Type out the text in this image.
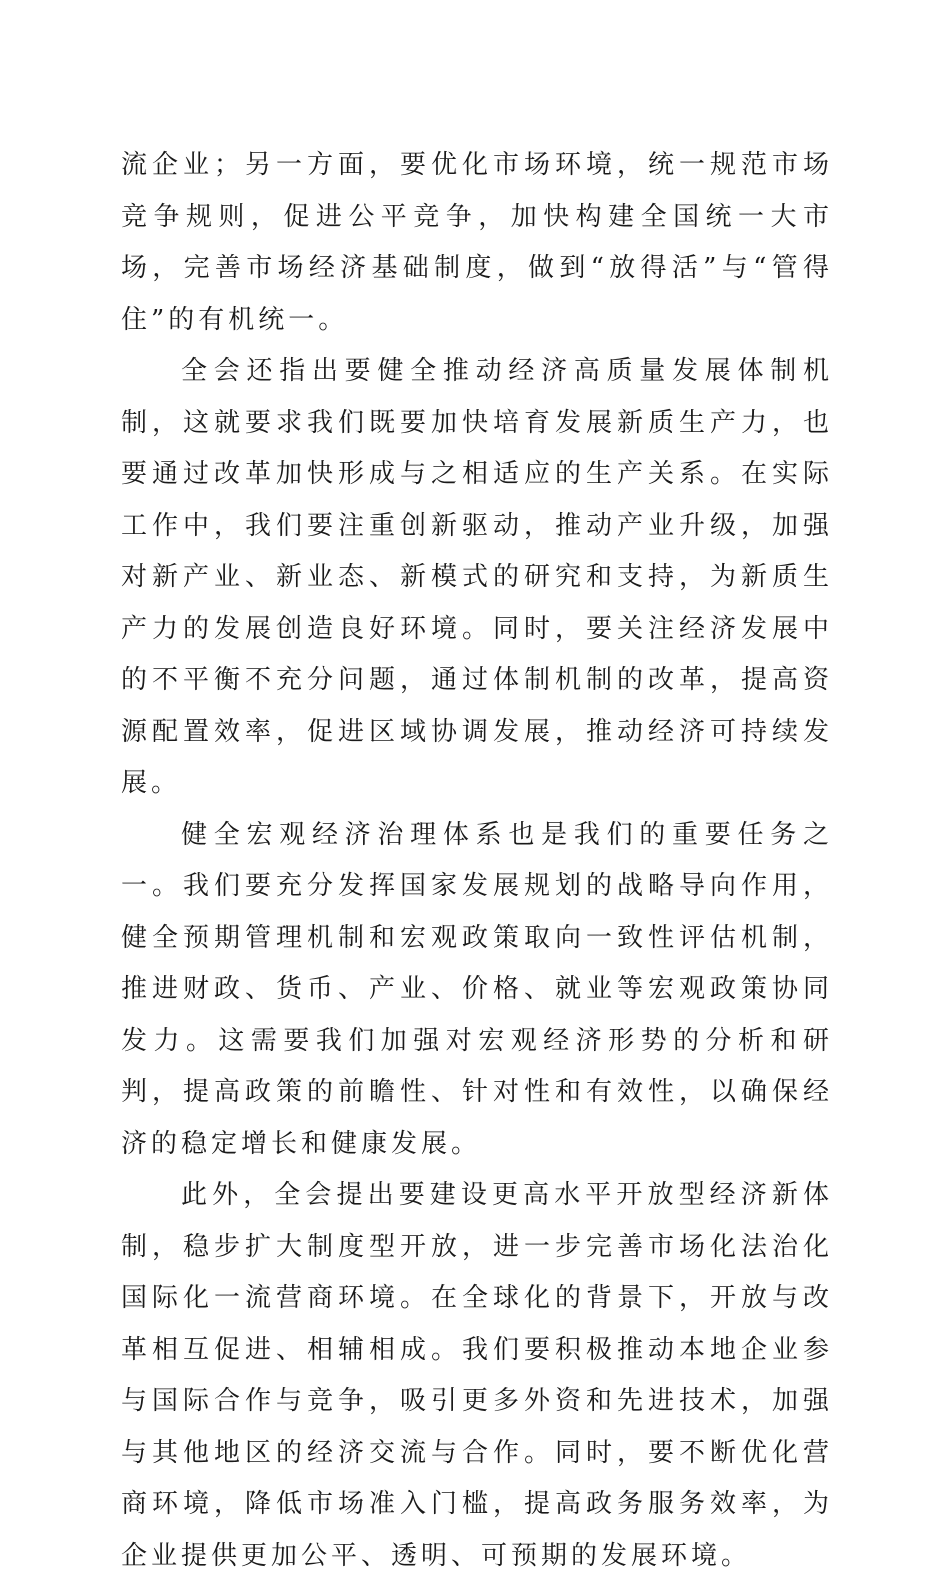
流企业；另一方面，要优化市场环境，统一规范市场竞争规则，促进公平竞争，加快构建全国统一大市场，完善市场经济基础制度，做到“放得活”与“管得住”的有机统一。

全会还指出要健全推动经济高质量发展体制机制，这就要求我们既要加快培育发展新质生产力，也要通过改革加快形成与之相适应的生产关系。在实际工作中，我们要注重创新驱动，推动产业升级，加强对新产业、新业态、新模式的研究和支持，为新质生产力的发展创造良好环境。同时，要关注经济发展中的不平衡不充分问题，通过体制机制的改革，提高资源配置效率，促进区域协调发展，推动经济可持续发展。

健全宏观经济治理体系也是我们的重要任务之一。我们要充分发挥国家发展规划的战略导向作用，健全预期管理机制和宏观政策取向一致性评估机制，推进财政、货币、产业、价格、就业等宏观政策协同发力。这需要我们加强对宏观经济形势的分析和研判，提高政策的前瞻性、针对性和有效性，以确保经济的稳定增长和健康发展。

此外，全会提出要建设更高水平开放型经济新体制，稳步扩大制度型开放，进一步完善市场化法治化国际化一流营商环境。在全球化的背景下，开放与改革相互促进、相辅相成。我们要积极推动本地企业参与国际合作与竞争，吸引更多外资和先进技术，加强与其他地区的经济交流与合作。同时，要不断优化营商环境，降低市场准入门槛，提高政务服务效率，为企业提供更加公平、透明、可预期的发展环境。
